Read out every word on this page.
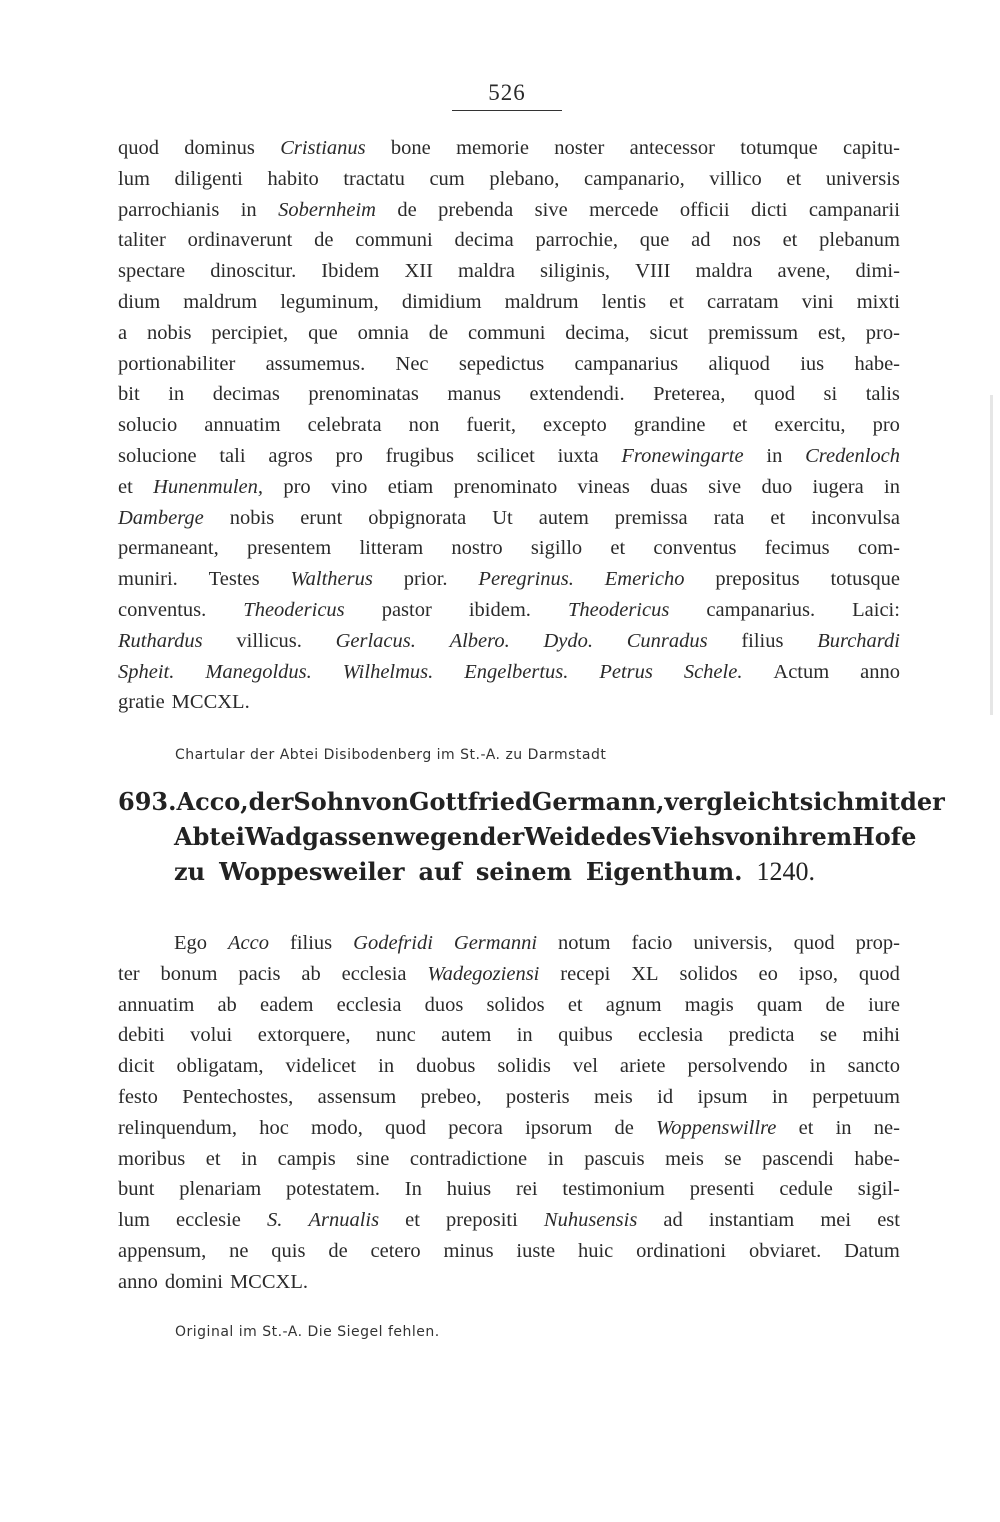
526
quod dominus Cristianus bone memorie noster antecessor totumque capitu-
lum diligenti habito tractatu cum plebano, campanario, villico et universis
parrochianis in Sobernheim de prebenda sive mercede officii dicti campanarii
taliter ordinaverunt de communi decima parrochie, que ad nos et plebanum
spectare dinoscitur. Ibidem XII maldra siliginis, VIII maldra avene, dimi-
dium maldrum leguminum, dimidium maldrum lentis et carratam vini mixti
a nobis percipiet, que omnia de communi decima, sicut premissum est, pro-
portionabiliter assumemus. Nec sepedictus campanarius aliquod ius habe-
bit in decimas prenominatas manus extendendi. Preterea, quod si talis
solucio annuatim celebrata non fuerit, excepto grandine et exercitu, pro
solucione tali agros pro frugibus scilicet iuxta Fronewingarte in Credenloch
et Hunenmulen, pro vino etiam prenominato vineas duas sive duo iugera in
Damberge nobis erunt obpignorata Ut autem premissa rata et inconvulsa
permaneant, presentem litteram nostro sigillo et conventus fecimus com-
muniri. Testes Waltherus prior. Peregrinus. Emericho prepositus totusque
conventus. Theodericus pastor ibidem. Theodericus campanarius. Laici:
Ruthardus villicus. Gerlacus. Albero. Dydo. Cunradus filius Burchardi
Spheit. Manegoldus. Wilhelmus. Engelbertus. Petrus Schele. Actum anno
gratie MCCXL.
Chartular der Abtei Disibodenberg im St.-A. zu Darmstadt
693. Acco, der Sohn von Gottfried Germann, vergleicht sich mit der
Abtei Wadgassen wegen der Weide des Viehs von ihrem Hofe
zu Woppesweiler auf seinem Eigenthum. 1240.
Ego Acco filius Godefridi Germanni notum facio universis, quod prop-
ter bonum pacis ab ecclesia Wadegoziensi recepi XL solidos eo ipso, quod
annuatim ab eadem ecclesia duos solidos et agnum magis quam de iure
debiti volui extorquere, nunc autem in quibus ecclesia predicta se mihi
dicit obligatam, videlicet in duobus solidis vel ariete persolvendo in sancto
festo Pentechostes, assensum prebeo, posteris meis id ipsum in perpetuum
relinquendum, hoc modo, quod pecora ipsorum de Woppenswillre et in ne-
moribus et in campis sine contradictione in pascuis meis se pascendi habe-
bunt plenariam potestatem. In huius rei testimonium presenti cedule sigil-
lum ecclesie S. Arnualis et prepositi Nuhusensis ad instantiam mei est
appensum, ne quis de cetero minus iuste huic ordinationi obviaret. Datum
anno domini MCCXL.
Original im St.-A. Die Siegel fehlen.
